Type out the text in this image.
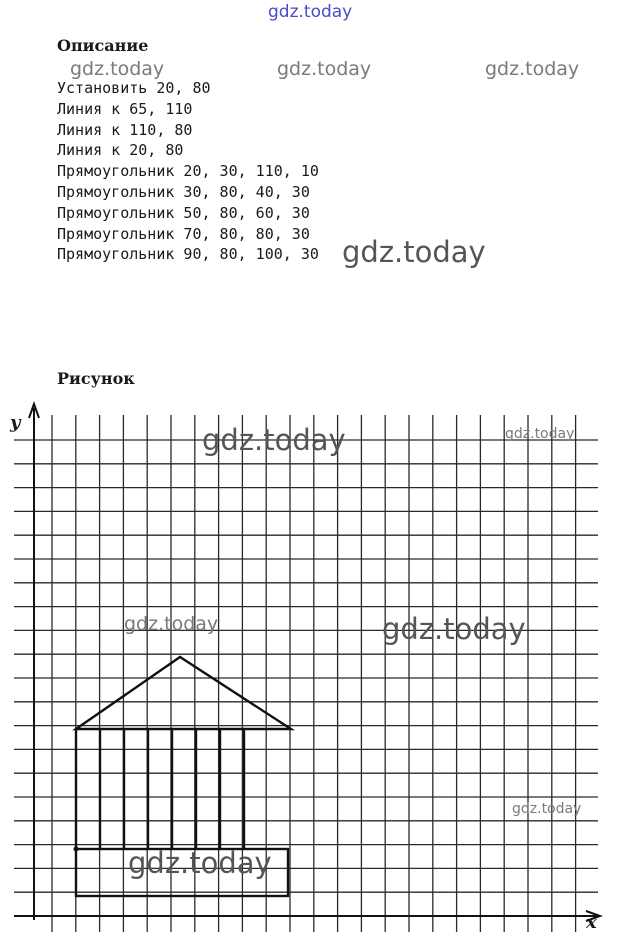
gdz.today
gdz.today	gdz.today	gdz.today
Описание
Установить 20, 80
Линия к 65, 110
Линия к 110, 80
Линия к 20, 80
Прямоугольник 20, 30, 110, 10
Прямоугольник 30, 80, 40, 30
Прямоугольник 50, 80, 60, 30
Прямоугольник 70, 80, 80, 30
Прямоугольник 90, 80, 100, 30 gdz.today
Рисунок
y
x
gdz.today	gdz.today
gdz.today	gdz.today
gdz.today
gdz.today
